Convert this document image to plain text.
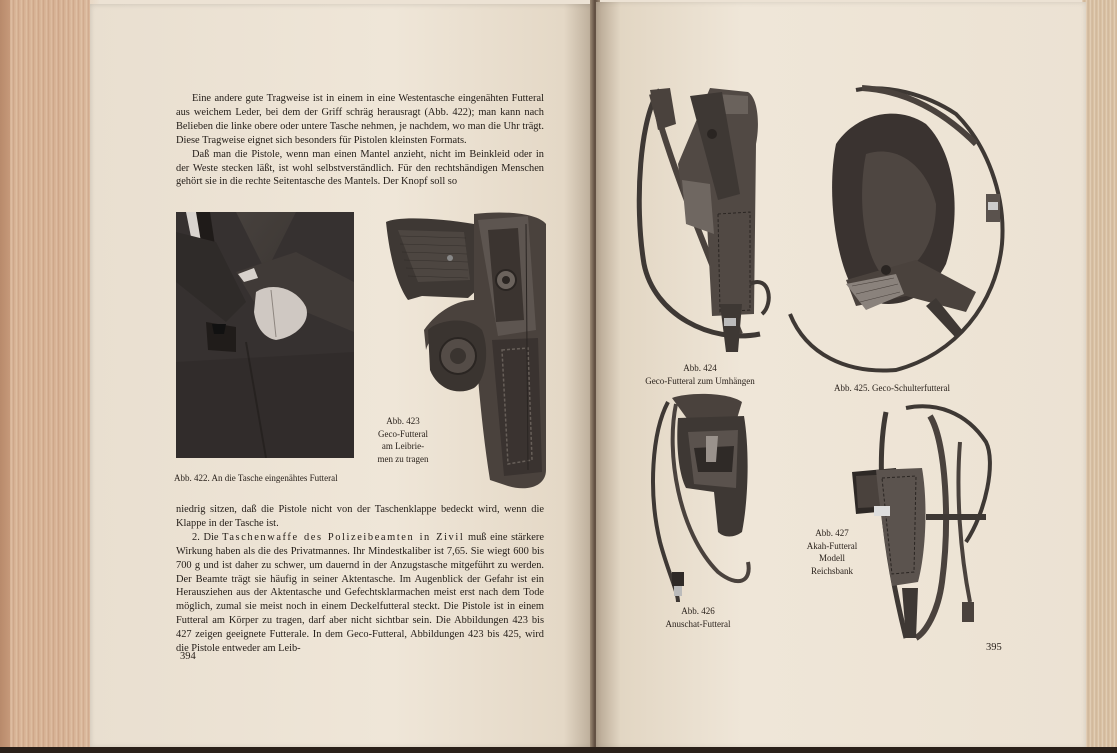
Eine andere gute Tragweise ist in einem in eine Westentasche eingenähten Futteral aus weichem Leder, bei dem der Griff schräg herausragt (Abb. 422); man kann nach Belieben die linke obere oder untere Tasche nehmen, je nachdem, wo man die Uhr trägt. Diese Tragweise eignet sich besonders für Pistolen kleinsten Formats.

Daß man die Pistole, wenn man einen Mantel anzieht, nicht im Beinkleid oder in der Weste stecken läßt, ist wohl selbstverständlich. Für den rechtshändigen Menschen gehört sie in die rechte Seitentasche des Mantels. Der Knopf soll so

Abb. 422. An die Tasche eingenähtes Futteral
Abb. 423
Geco-Futteral
am Leibrie-
men zu tragen

niedrig sitzen, daß die Pistole nicht von der Taschenklappe bedeckt wird, wenn die Klappe in der Tasche ist.

2. Die Taschenwaffe des Polizeibeamten in Zivil muß eine stärkere Wirkung haben als die des Privatmannes. Ihr Mindestkaliber ist 7,65. Sie wiegt 600 bis 700 g und ist daher zu schwer, um dauernd in der Anzugstasche mitgeführt zu werden. Der Beamte trägt sie häufig in seiner Aktentasche. Im Augenblick der Gefahr ist ein Herausziehen aus der Aktentasche und Gefechtsklarmachen meist erst nach dem Tode möglich, zumal sie meist noch in einem Deckelfutteral steckt. Die Pistole ist in einem Futteral am Körper zu tragen, darf aber nicht sichtbar sein. Die Abbildungen 423 bis 427 zeigen geeignete Futterale. In dem Geco-Futteral, Abbildungen 423 bis 425, wird die Pistole entweder am Leib-

394
Abb. 424
Geco-Futteral zum Umhängen
Abb. 425. Geco-Schulterfutteral
Abb. 426
Anuschat-Futteral
Abb. 427
Akah-Futteral
Modell
Reichsbank
395
